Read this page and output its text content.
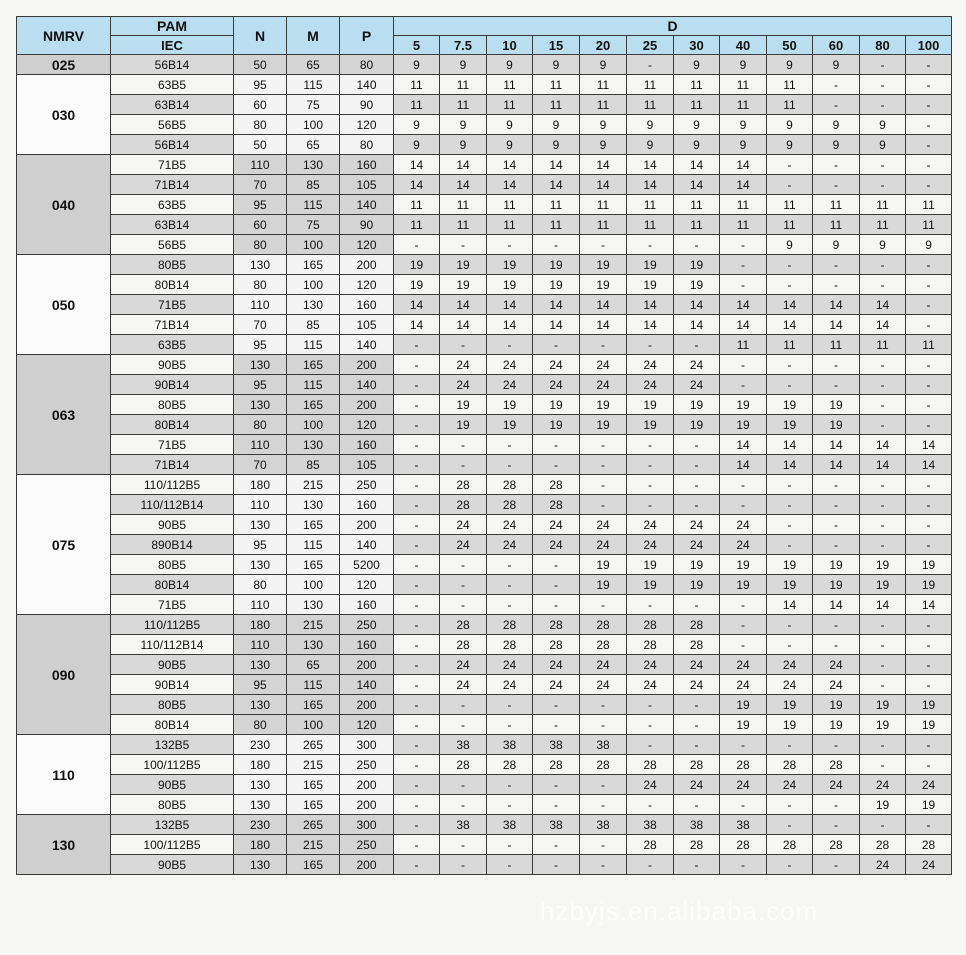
NMRV	PAM	N	M	P	D											
	IEC				5	7.5	10	15	20	25	30	40	50	60	80	100
025	56B14	50	65	80	9	9	9	9	9	-	9	9	9	9	-	-
030	63B5	95	115	140	11	11	11	11	11	11	11	11	11	-	-	-
	63B14	60	75	90	11	11	11	11	11	11	11	11	11	-	-	-
	56B5	80	100	120	9	9	9	9	9	9	9	9	9	9	9	-
	56B14	50	65	80	9	9	9	9	9	9	9	9	9	9	9	-
040	71B5	110	130	160	14	14	14	14	14	14	14	14	-	-	-	-
	71B14	70	85	105	14	14	14	14	14	14	14	14	-	-	-	-
	63B5	95	115	140	11	11	11	11	11	11	11	11	11	11	11	11
	63B14	60	75	90	11	11	11	11	11	11	11	11	11	11	11	11
	56B5	80	100	120	-	-	-	-	-	-	-	-	9	9	9	9
050	80B5	130	165	200	19	19	19	19	19	19	19	-	-	-	-	-
	80B14	80	100	120	19	19	19	19	19	19	19	-	-	-	-	-
	71B5	110	130	160	14	14	14	14	14	14	14	14	14	14	14	-
	71B14	70	85	105	14	14	14	14	14	14	14	14	14	14	14	-
	63B5	95	115	140	-	-	-	-	-	-	-	11	11	11	11	11
063	90B5	130	165	200	-	24	24	24	24	24	24	-	-	-	-	-
	90B14	95	115	140	-	24	24	24	24	24	24	-	-	-	-	-
	80B5	130	165	200	-	19	19	19	19	19	19	19	19	19	-	-
	80B14	80	100	120	-	19	19	19	19	19	19	19	19	19	-	-
	71B5	110	130	160	-	-	-	-	-	-	-	14	14	14	14	14
	71B14	70	85	105	-	-	-	-	-	-	-	14	14	14	14	14
075	110/112B5	180	215	250	-	28	28	28	-	-	-	-	-	-	-	-
	110/112B14	110	130	160	-	28	28	28	-	-	-	-	-	-	-	-
	90B5	130	165	200	-	24	24	24	24	24	24	24	-	-	-	-
	890B14	95	115	140	-	24	24	24	24	24	24	24	-	-	-	-
	80B5	130	165	5200	-	-	-	-	19	19	19	19	19	19	19	19
	80B14	80	100	120	-	-	-	-	19	19	19	19	19	19	19	19
	71B5	110	130	160	-	-	-	-	-	-	-	-	14	14	14	14
090	110/112B5	180	215	250	-	28	28	28	28	28	28	-	-	-	-	-
	110/112B14	110	130	160	-	28	28	28	28	28	28	-	-	-	-	-
	90B5	130	65	200	-	24	24	24	24	24	24	24	24	24	-	-
	90B14	95	115	140	-	24	24	24	24	24	24	24	24	24	-	-
	80B5	130	165	200	-	-	-	-	-	-	-	19	19	19	19	19
	80B14	80	100	120	-	-	-	-	-	-	-	19	19	19	19	19
110	132B5	230	265	300	-	38	38	38	38	-	-	-	-	-	-	-
	100/112B5	180	215	250	-	28	28	28	28	28	28	28	28	28	-	-
	90B5	130	165	200	-	-	-	-	-	24	24	24	24	24	24	24
	80B5	130	165	200	-	-	-	-	-	-	-	-	-	-	19	19
130	132B5	230	265	300	-	38	38	38	38	38	38	38	-	-	-	-
	100/112B5	180	215	250	-	-	-	-	-	28	28	28	28	28	28	28
	90B5	130	165	200	-	-	-	-	-	-	-	-	-	-	24	24
hzbyjs.en.alibaba.com
